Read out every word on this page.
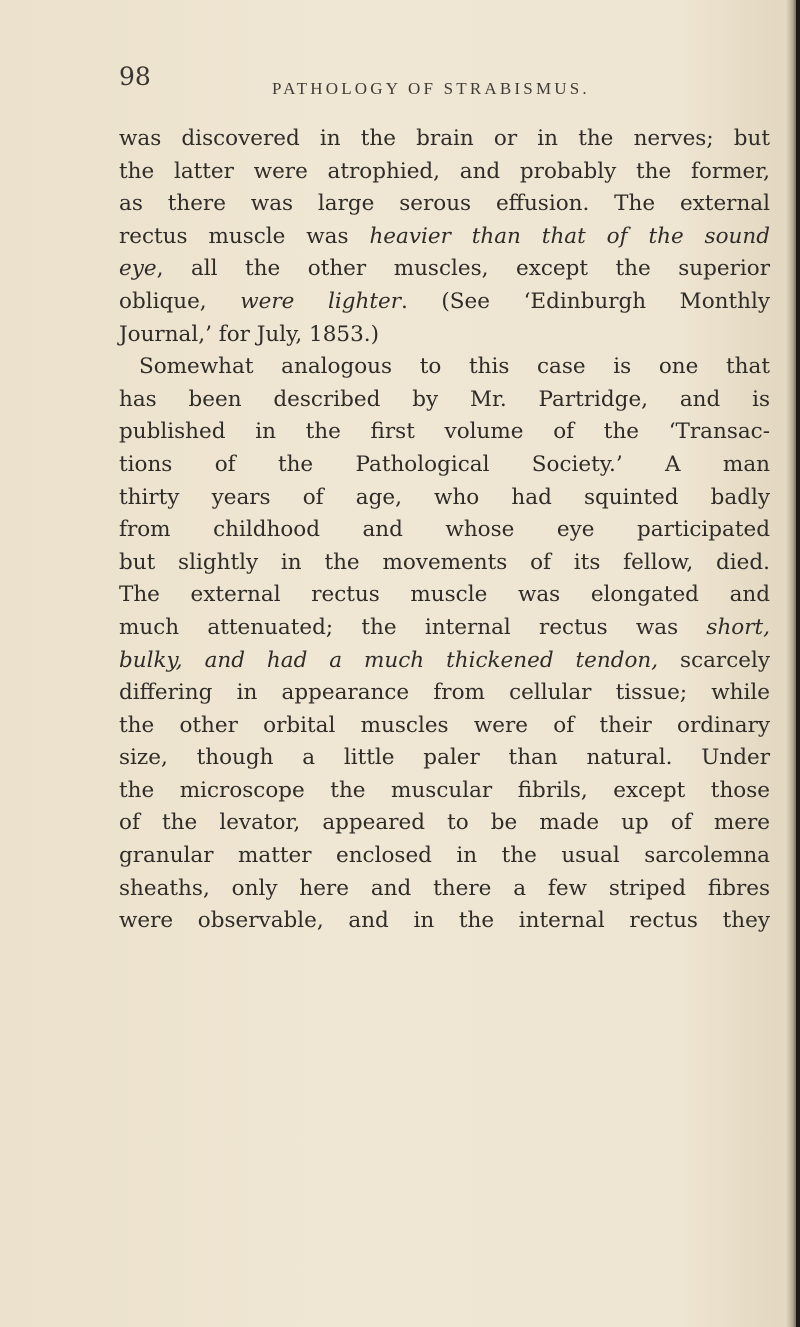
98	PATHOLOGY OF STRABISMUS.
was discovered in the brain or in the nerves; but
the latter were atrophied, and probably the former,
as there was large serous effusion. The external
rectus muscle was heavier than that of the sound
eye, all the other muscles, except the superior
oblique, were lighter. (See ‘Edinburgh Monthly
Journal,’ for July, 1853.)
Somewhat analogous to this case is one that
has been described by Mr. Partridge, and is
published in the first volume of the ‘Transac-
tions of the Pathological Society.’ A man
thirty years of age, who had squinted badly
from childhood and whose eye participated
but slightly in the movements of its fellow, died.
The external rectus muscle was elongated and
much attenuated; the internal rectus was short,
bulky, and had a much thickened tendon, scarcely
differing in appearance from cellular tissue; while
the other orbital muscles were of their ordinary
size, though a little paler than natural. Under
the microscope the muscular fibrils, except those
of the levator, appeared to be made up of mere
granular matter enclosed in the usual sarcolemna
sheaths, only here and there a few striped fibres
were observable, and in the internal rectus they
